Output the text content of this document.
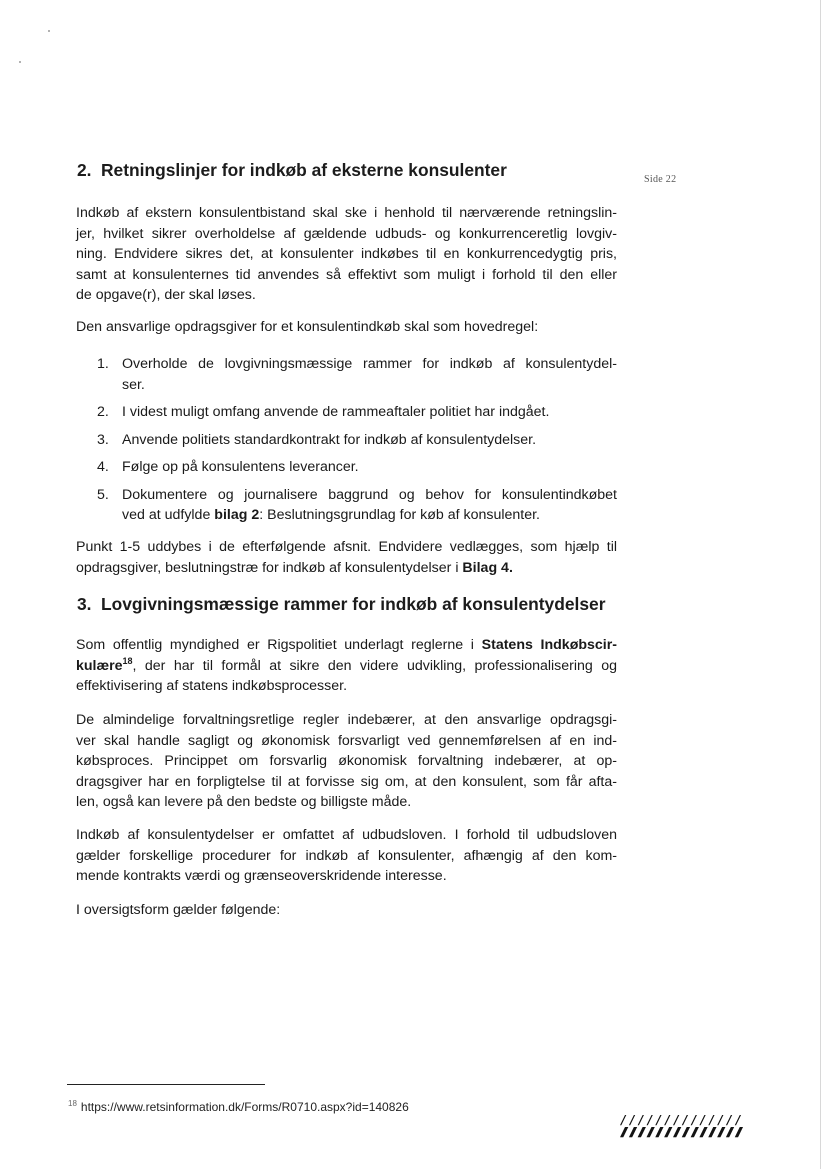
Side 22
2. Retningslinjer for indkøb af eksterne konsulenter

Indkøb af ekstern konsulentbistand skal ske i henhold til nærværende retningslin-
jer, hvilket sikrer overholdelse af gældende udbuds- og konkurrenceretlig lovgiv-
ning. Endvidere sikres det, at konsulenter indkøbes til en konkurrencedygtig pris,
samt at konsulenternes tid anvendes så effektivt som muligt i forhold til den eller
de opgave(r), der skal løses.

Den ansvarlige opdragsgiver for et konsulentindkøb skal som hovedregel:

1. Overholde de lovgivningsmæssige rammer for indkøb af konsulentydel-
ser.
2. I videst muligt omfang anvende de rammeaftaler politiet har indgået.
3. Anvende politiets standardkontrakt for indkøb af konsulentydelser.
4. Følge op på konsulentens leverancer.
5. Dokumentere og journalisere baggrund og behov for konsulentindkøbet
ved at udfylde bilag 2: Beslutningsgrundlag for køb af konsulenter.

Punkt 1-5 uddybes i de efterfølgende afsnit. Endvidere vedlægges, som hjælp til
opdragsgiver, beslutningstræ for indkøb af konsulentydelser i Bilag 4.

3. Lovgivningsmæssige rammer for indkøb af konsulentydelser

Som offentlig myndighed er Rigspolitiet underlagt reglerne i Statens Indkøbscir-
kulære$^{18}$, der har til formål at sikre den videre udvikling, professionalisering og
effektivisering af statens indkøbsprocesser.

De almindelige forvaltningsretlige regler indebærer, at den ansvarlige opdragsgi-
ver skal handle sagligt og økonomisk forsvarligt ved gennemførelsen af en ind-
købsproces. Princippet om forsvarlig økonomisk forvaltning indebærer, at op-
dragsgiver har en forpligtelse til at forvisse sig om, at den konsulent, som får afta-
len, også kan levere på den bedste og billigste måde.

Indkøb af konsulentydelser er omfattet af udbudsloven. I forhold til udbudsloven
gælder forskellige procedurer for indkøb af konsulenter, afhængig af den kom-
mende kontrakts værdi og grænseoverskridende interesse.

I oversigtsform gælder følgende:

$^{18}$ https://www.retsinformation.dk/Forms/R0710.aspx?id=140826
//////////////
//////////////
